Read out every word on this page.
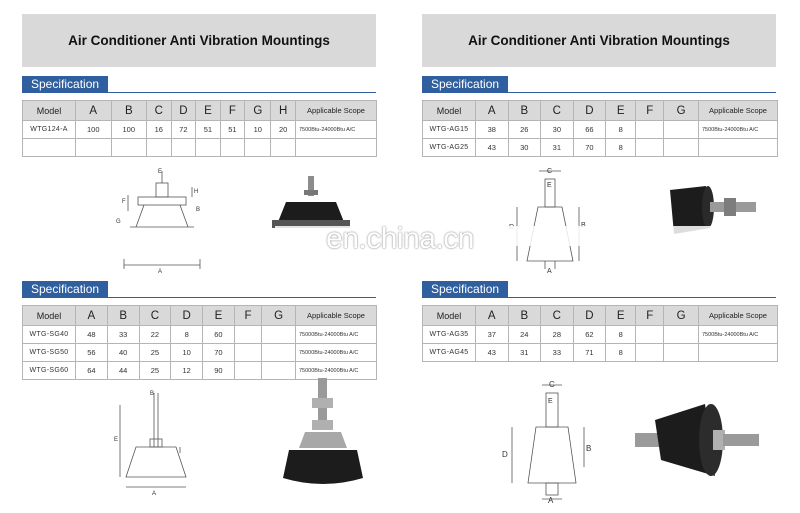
Air Conditioner Anti Vibration Mountings	Air Conditioner Anti Vibration Mountings
Specification
Model	A	B	C	D	E	F	G	H	Applicable Scope
WTG124-A	100	100	16	72	51	51	10	20	7500Btu-24000Btu A/C

E
H
F
A
G
B
Specification
Model	A	B	C	D	E	F	G	Applicable Scope
WTG-AG15	38	26	30	66	8			7500Btu-24000Btu A/C
WTG-AG25	43	30	31	70	8			
C
E
A
en.china.cn
Specification
Model	A	B	C	D	E	F	G	Applicable Scope
WTG-SG40	48	33	22	8	60			75000Btu-24000Btu A/C
WTG-SG50	56	40	25	10	70			75000Btu-24000Btu A/C
WTG-SG60	64	44	25	12	90			75000Btu-24000Btu A/C
B
E
A
Specification
Model	A	B	C	D	E	F	G	Applicable Scope
WTG-AG35	37	24	28	62	8			7500Btu-24000Btu A/C
WTG-AG45	43	31	33	71	8			
C
E
D
B
A
